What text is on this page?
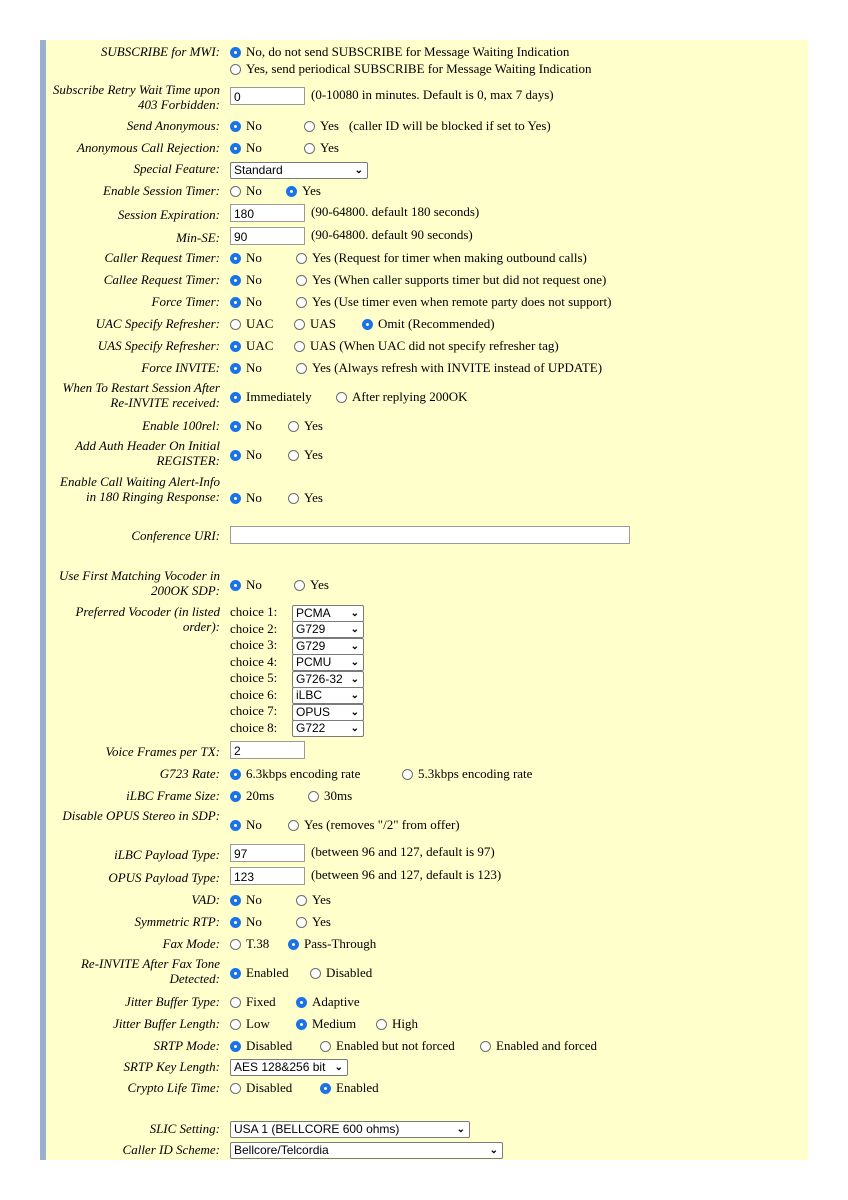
SUBSCRIBE for MWI:	No, do not send SUBSCRIBE for Message Waiting Indication
Yes, send periodical SUBSCRIBE for Message Waiting Indication
Subscribe Retry Wait Time upon 403 Forbidden:	0	(0-10080 in minutes. Default is 0, max 7 days)
Send Anonymous:	No	Yes (caller ID will be blocked if set to Yes)
Anonymous Call Rejection:	No	Yes
Special Feature:	Standard	⌄
Enable Session Timer:	No	Yes
Session Expiration:	180	(90-64800. default 180 seconds)
Min-SE:	90	(90-64800. default 90 seconds)
Caller Request Timer:	No	Yes (Request for timer when making outbound calls)
Callee Request Timer:	No	Yes (When caller supports timer but did not request one)
Force Timer:	No	Yes (Use timer even when remote party does not support)
UAC Specify Refresher:	UAC	UAS	Omit (Recommended)
UAS Specify Refresher:	UAC	UAS (When UAC did not specify refresher tag)
Force INVITE:	No	Yes (Always refresh with INVITE instead of UPDATE)
When To Restart Session After Re-INVITE received:	Immediately	After replying 200OK
Enable 100rel:	No	Yes
Add Auth Header On Initial REGISTER:	No	Yes
Enable Call Waiting Alert-Info in 180 Ringing Response:	No	Yes
Conference URI:
Use First Matching Vocoder in 200OK SDP:	No	Yes
Preferred Vocoder (in listed order):
choice 1: PCMA ⌄
choice 2: G729	⌄
choice 3: G729	⌄
choice 4: PCMU ⌄
choice 5: G726-32 ⌄
choice 6: iLBC	⌄
choice 7: OPUS ⌄
choice 8: G722	⌄
Voice Frames per TX:	2
G723 Rate:	6.3kbps encoding rate	5.3kbps encoding rate
iLBC Frame Size:	20ms	30ms
Disable OPUS Stereo in SDP:
No	Yes (removes "/2" from offer)
iLBC Payload Type:	97	(between 96 and 127, default is 97)
OPUS Payload Type:	123	(between 96 and 127, default is 123)
VAD:	No	Yes
Symmetric RTP:	No	Yes
Fax Mode:	T.38	Pass-Through
Re-INVITE After Fax Tone Detected:	Enabled	Disabled
Jitter Buffer Type:	Fixed	Adaptive
Jitter Buffer Length:	Low	Medium	High
SRTP Mode:	Disabled	Enabled but not forced	Enabled and forced
SRTP Key Length:	AES 128&256 bit ⌄
Crypto Life Time:	Disabled	Enabled
SLIC Setting:	USA 1 (BELLCORE 600 ohms)	⌄
Caller ID Scheme:	Bellcore/Telcordia	⌄
